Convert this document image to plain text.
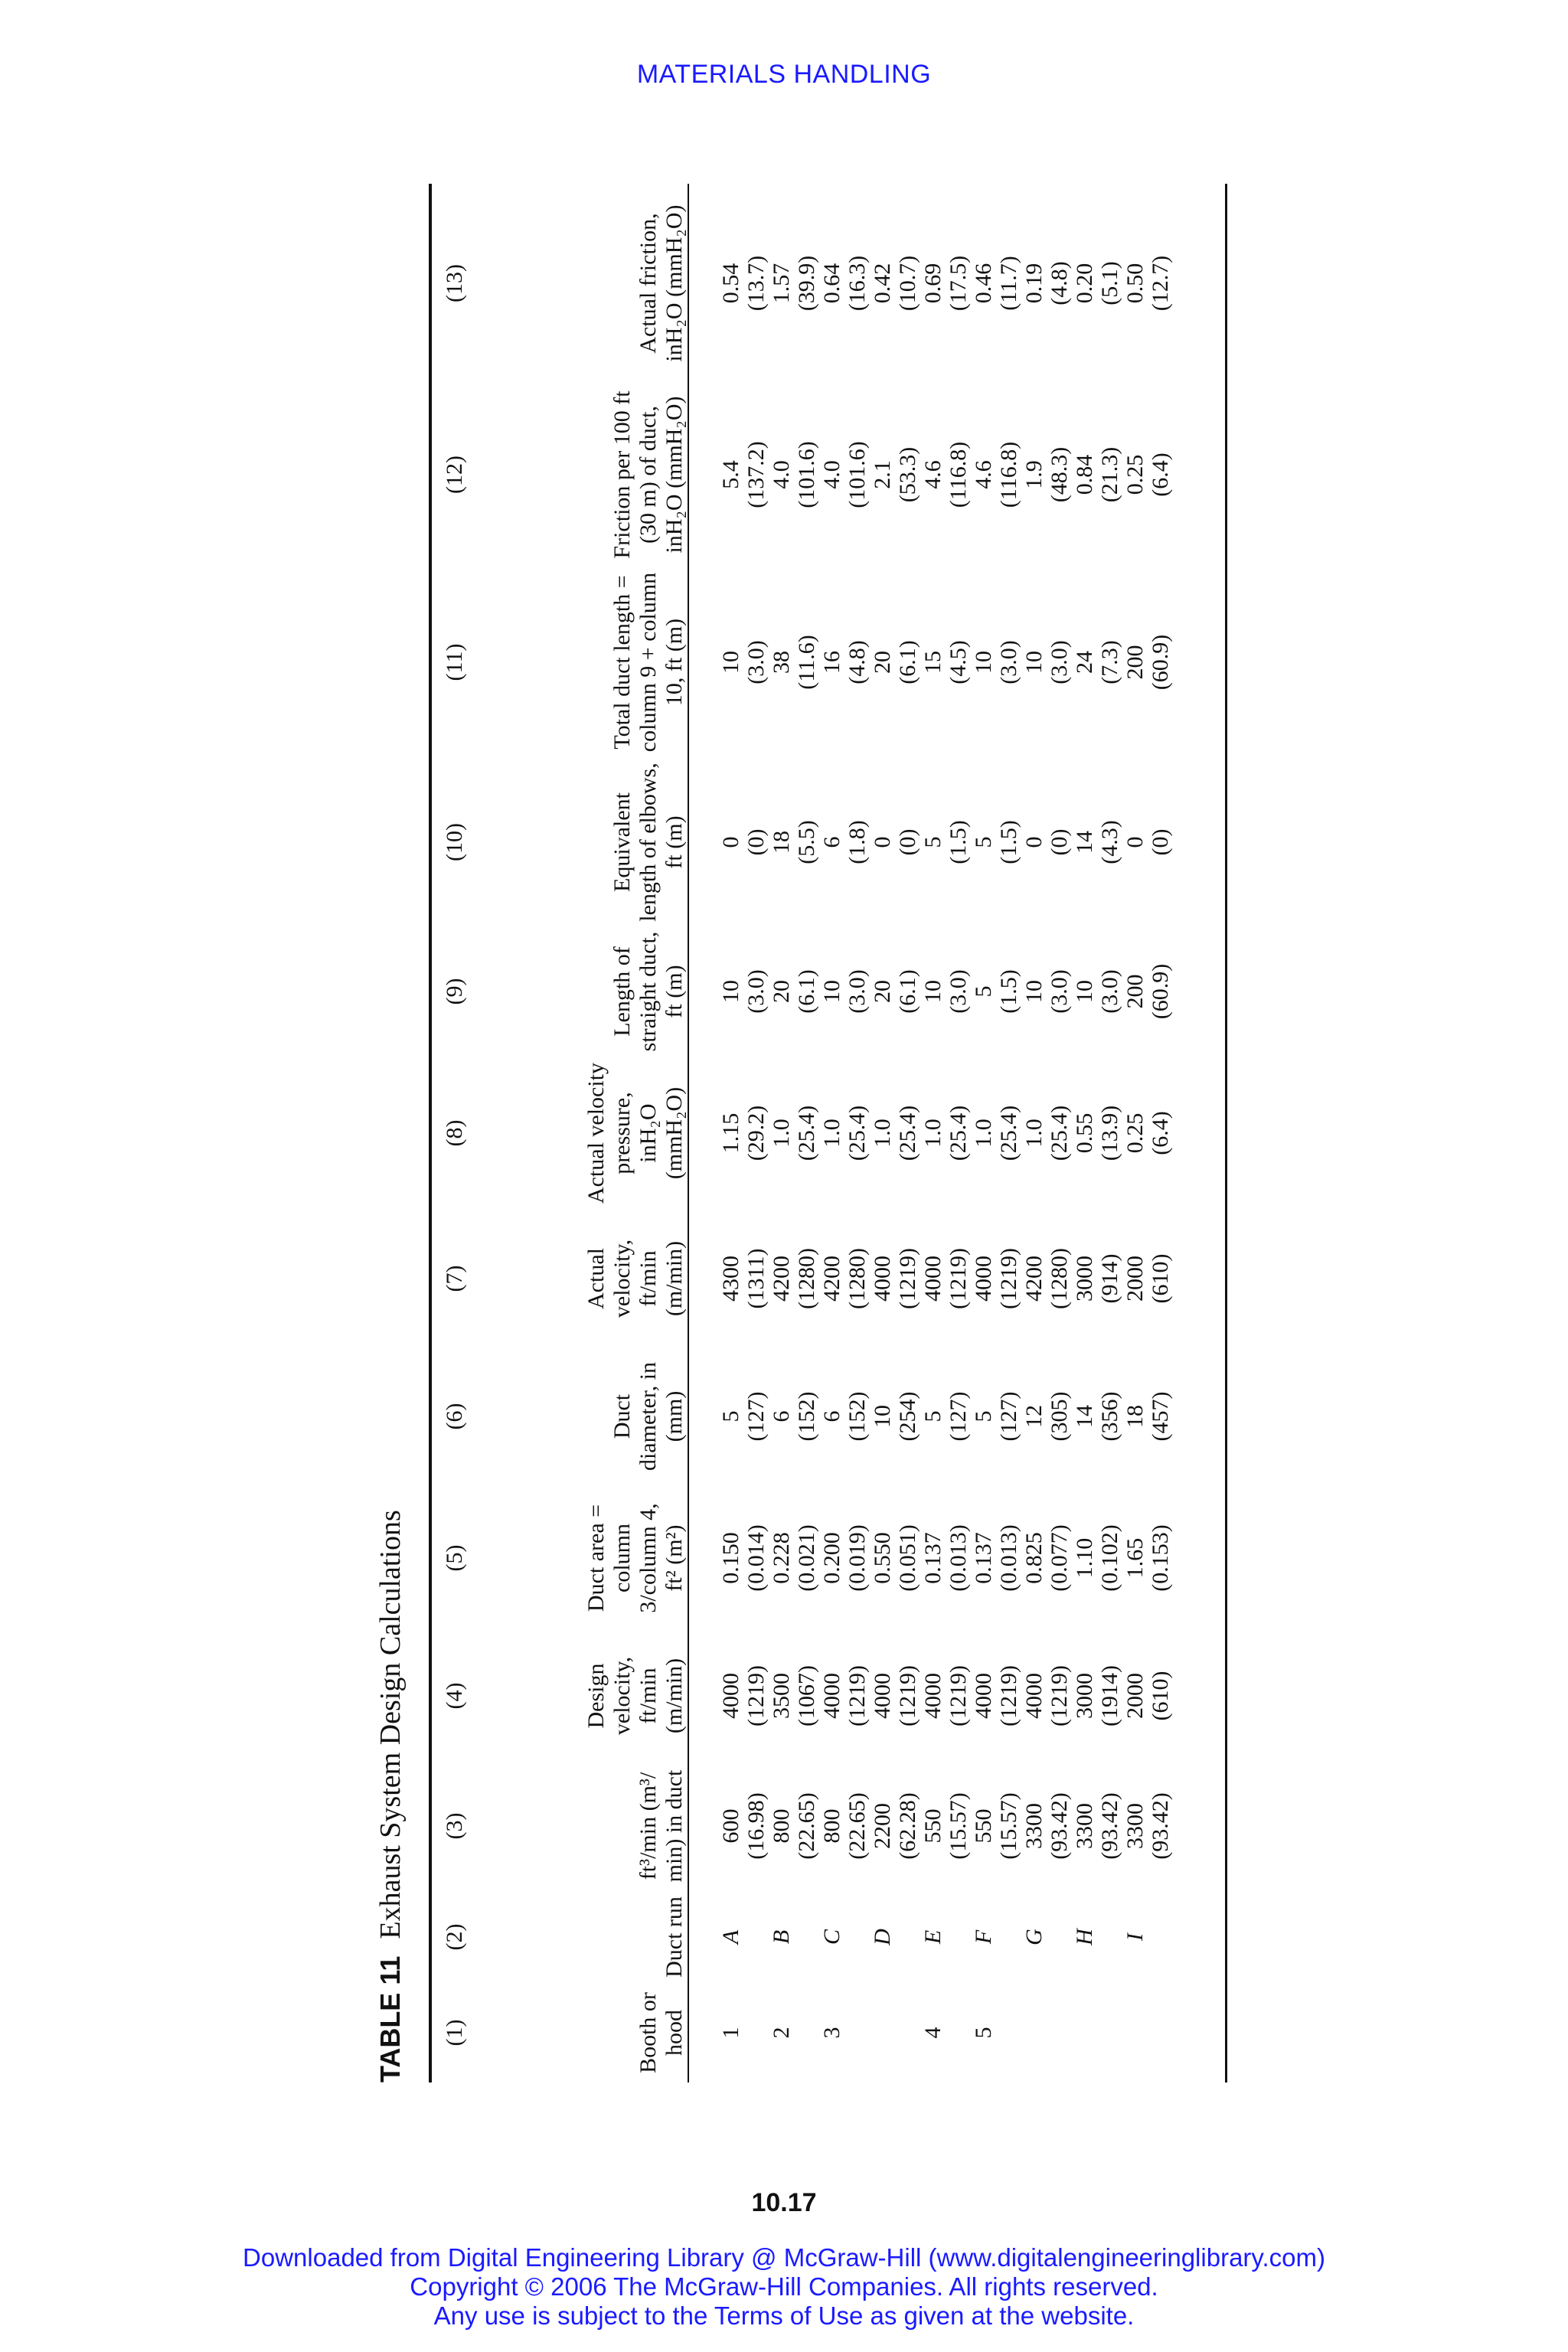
MATERIALS HANDLING
TABLE 11Exhaust System Design Calculations
(1)	(2)	(3)	(4)	(5)	(6)	(7)	(8)	(9)	(10)	(11)	(12)	(13)
Booth or hood	Duct run	ft³/min (m³/ min) in duct	Design velocity, ft/min (m/min)	Duct area = column 3/column 4, ft² (m²)	Duct diameter, in (mm)	Actual velocity, ft/min (m/min)	Actual velocity pressure, inH₂O (mmH₂O)	Length of straight duct, ft (m)	Equivalent length of elbows, ft (m)	Total duct length = column 9 + column 10, ft (m)	Friction per 100 ft (30 m) of duct, inH₂O (mmH₂O)	Actual friction, inH₂O (mmH₂O)
1	A	600	4000	0.150	5	4300	1.15	10	0	10	5.4	0.54
		(16.98)	(1219)	(0.014)	(127)	(1311)	(29.2)	(3.0)	(0)	(3.0)	(137.2)	(13.7)
2	B	800	3500	0.228	6	4200	1.0	20	18	38	4.0	1.57
		(22.65)	(1067)	(0.021)	(152)	(1280)	(25.4)	(6.1)	(5.5)	(11.6)	(101.6)	(39.9)
3	C	800	4000	0.200	6	4200	1.0	10	6	16	4.0	0.64
		(22.65)	(1219)	(0.019)	(152)	(1280)	(25.4)	(3.0)	(1.8)	(4.8)	(101.6)	(16.3)
	D	2200	4000	0.550	10	4000	1.0	20	0	20	2.1	0.42
		(62.28)	(1219)	(0.051)	(254)	(1219)	(25.4)	(6.1)	(0)	(6.1)	(53.3)	(10.7)
4	E	550	4000	0.137	5	4000	1.0	10	5	15	4.6	0.69
		(15.57)	(1219)	(0.013)	(127)	(1219)	(25.4)	(3.0)	(1.5)	(4.5)	(116.8)	(17.5)
5	F	550	4000	0.137	5	4000	1.0	5	5	10	4.6	0.46
		(15.57)	(1219)	(0.013)	(127)	(1219)	(25.4)	(1.5)	(1.5)	(3.0)	(116.8)	(11.7)
	G	3300	4000	0.825	12	4200	1.0	10	0	10	1.9	0.19
		(93.42)	(1219)	(0.077)	(305)	(1280)	(25.4)	(3.0)	(0)	(3.0)	(48.3)	(4.8)
	H	3300	3000	1.10	14	3000	0.55	10	14	24	0.84	0.20
		(93.42)	(1914)	(0.102)	(356)	(914)	(13.9)	(3.0)	(4.3)	(7.3)	(21.3)	(5.1)
	I	3300	2000	1.65	18	2000	0.25	200	0	200	0.25	0.50
		(93.42)	(610)	(0.153)	(457)	(610)	(6.4)	(60.9)	(0)	(60.9)	(6.4)	(12.7)
10.17
Downloaded from Digital Engineering Library @ McGraw-Hill (www.digitalengineeringlibrary.com)
Copyright © 2006 The McGraw-Hill Companies. All rights reserved.
Any use is subject to the Terms of Use as given at the website.
